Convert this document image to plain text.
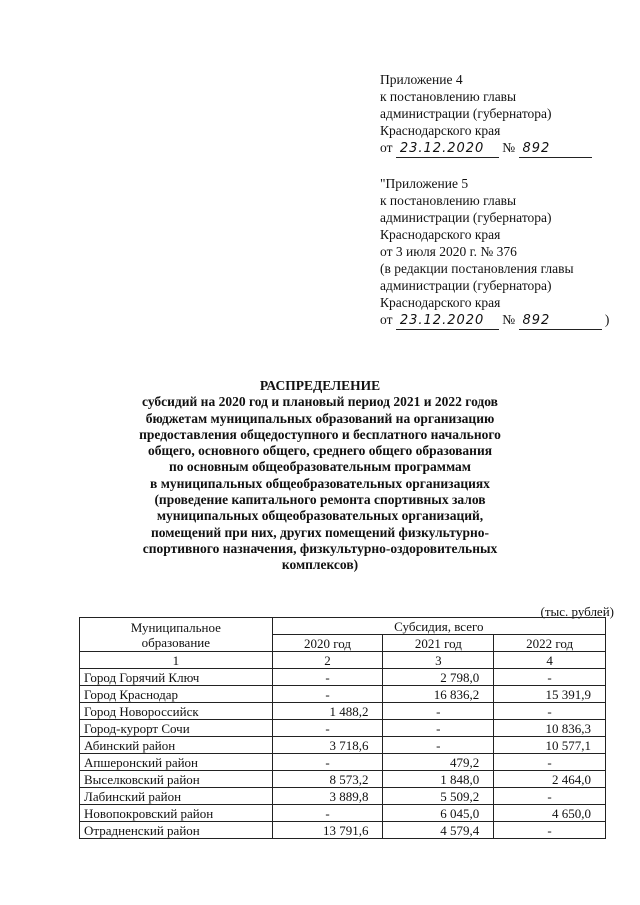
Приложение 4
к постановлению главы
администрации (губернатора)
Краснодарского края
от 23.12.2020 № 892
"Приложение 5
к постановлению главы
администрации (губернатора)
Краснодарского края
от 3 июля 2020 г. № 376
(в редакции постановления главы
администрации (губернатора)
Краснодарского края
от 23.12.2020 № 892	)
РАСПРЕДЕЛЕНИЕ
субсидий на 2020 год и плановый период 2021 и 2022 годов
бюджетам муниципальных образований на организацию
предоставления общедоступного и бесплатного начального
общего, основного общего, среднего общего образования
по основным общеобразовательным программам
в муниципальных общеобразовательных организациях
(проведение капитального ремонта спортивных залов
муниципальных общеобразовательных организаций,
помещений при них, других помещений физкультурно-
спортивного назначения, физкультурно-оздоровительных
комплексов)
(тыс. рублей)
Муниципальное
образование	Субсидия, всего		
	2020 год	2021 год	2022 год
1	2	3	4
Город Горячий Ключ	-	2 798,0	-
Город Краснодар	-	16 836,2	15 391,9
Город Новороссийск	1 488,2	-	-
Город-курорт Сочи	-	-	10 836,3
Абинский район	3 718,6	-	10 577,1
Апшеронский район	-	479,2	-
Выселковский район	8 573,2	1 848,0	2 464,0
Лабинский район	3 889,8	5 509,2	-
Новопокровский район	-	6 045,0	4 650,0
Отрадненский район	13 791,6	4 579,4	-
